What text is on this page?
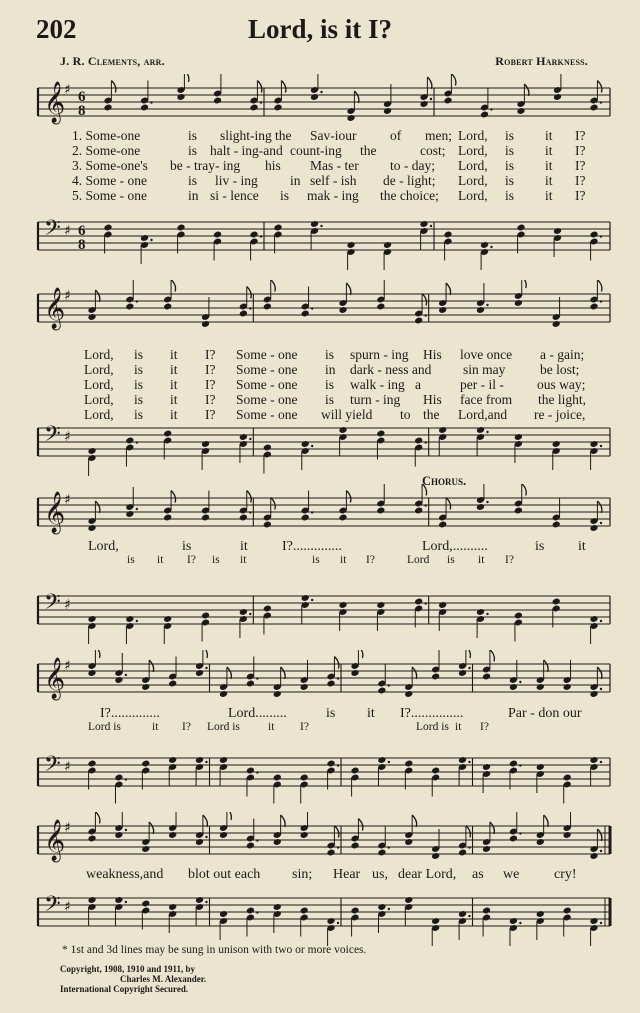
202	Lord, is it I?
J. R. Clements, arr.	Robert Harkness.
𝄞
♯ 6
8
1. Some-one	is slight-ing the Sav-iour of men; Lord, is it I?
2. Some-one	is halt - ing-and count-ing the	cost; Lord, is it I?
3. Some-one's be - tray- ing his Mas - ter to - day; Lord, is it I?
4. Some - one	is liv - ing in self - ish de - light; Lord, is it I?
5. Some - one	in si - lence is mak - ing the choice; Lord, is it I?
𝄢 ♯ 6
8
𝄞
♯
Lord, is it I? Some - one is spurn - ing His love once a - gain;
Lord, is it I? Some - one in dark - ness and sin may	be lost;
Lord, is it I? Some - one is walk - ing a	per - il - ous way;
Lord, is it I? Some - one is turn - ing His face from the light,
Lord, is it I? Some - one will yield to the Lord,and re - joice,
𝄢 ♯
Chorus.
𝄞
♯
Lord,	is	it I?..............	Lord,..........	is it
is it I? is it	is it I?	Lord is it I?
𝄢 ♯
𝄞
♯
I?..............	Lord.........	is it I?...............	Par - don our
Lord is	it I? Lord is it I?	Lord is it I?
𝄢 ♯
𝄞
♯
weakness,and blot out each sin; Hear us, dear Lord, as we cry!
𝄢 ♯
* 1st and 3d lines may be sung in unison with two or more voices.
Copyright, 1908, 1910 and 1911, by
Charles M. Alexander.
International Copyright Secured.
